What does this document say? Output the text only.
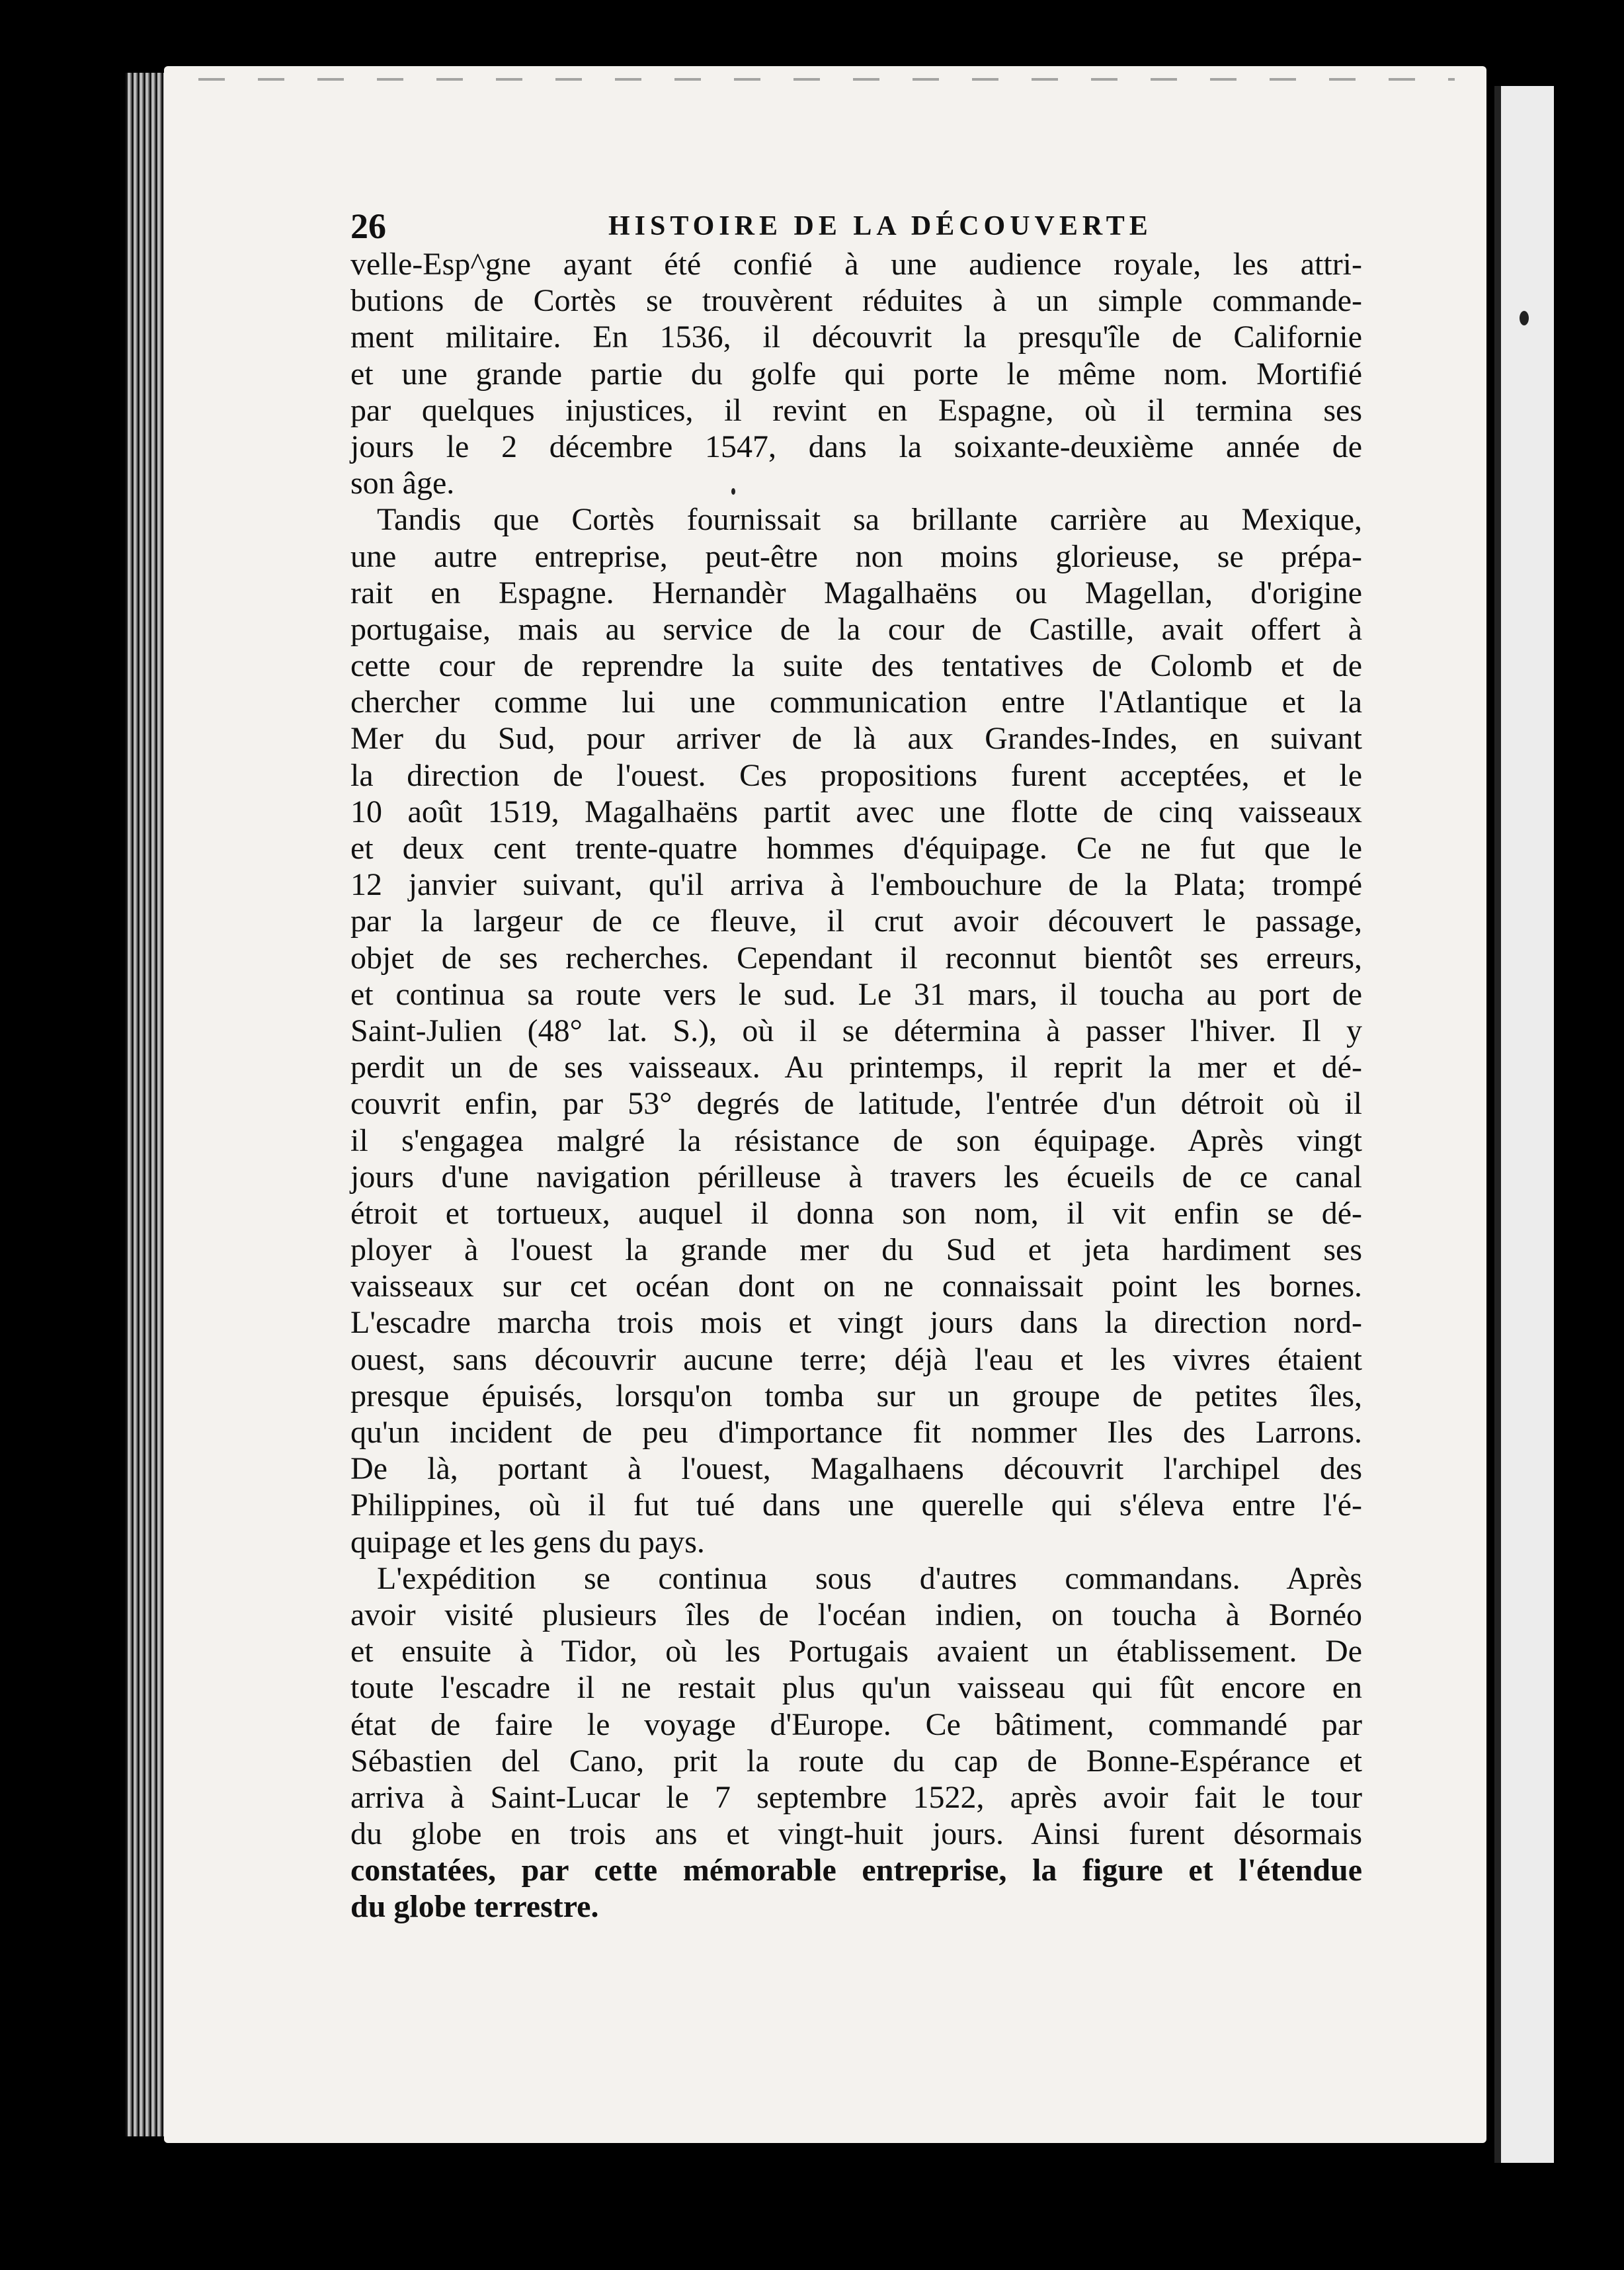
26	HISTOIRE DE LA DÉCOUVERTE
velle-Esp^gne ayant été confié à une audience royale, les attri-
butions de Cortès se trouvèrent réduites à un simple commande-
ment militaire. En 1536, il découvrit la presqu'île de Californie
et une grande partie du golfe qui porte le même nom. Mortifié
par quelques injustices, il revint en Espagne, où il termina ses
jours le 2 décembre 1547, dans la soixante-deuxième année de
son âge.
Tandis que Cortès fournissait sa brillante carrière au Mexique,
une autre entreprise, peut-être non moins glorieuse, se prépa-
rait en Espagne. Hernandèr Magalhaëns ou Magellan, d'origine
portugaise, mais au service de la cour de Castille, avait offert à
cette cour de reprendre la suite des tentatives de Colomb et de
chercher comme lui une communication entre l'Atlantique et la
Mer du Sud, pour arriver de là aux Grandes-Indes, en suivant
la direction de l'ouest. Ces propositions furent acceptées, et le
10 août 1519, Magalhaëns partit avec une flotte de cinq vaisseaux
et deux cent trente-quatre hommes d'équipage. Ce ne fut que le
12 janvier suivant, qu'il arriva à l'embouchure de la Plata; trompé
par la largeur de ce fleuve, il crut avoir découvert le passage,
objet de ses recherches. Cependant il reconnut bientôt ses erreurs,
et continua sa route vers le sud. Le 31 mars, il toucha au port de
Saint-Julien (48° lat. S.), où il se détermina à passer l'hiver. Il y
perdit un de ses vaisseaux. Au printemps, il reprit la mer et dé-
couvrit enfin, par 53° degrés de latitude, l'entrée d'un détroit où il
il s'engagea malgré la résistance de son équipage. Après vingt
jours d'une navigation périlleuse à travers les écueils de ce canal
étroit et tortueux, auquel il donna son nom, il vit enfin se dé-
ployer à l'ouest la grande mer du Sud et jeta hardiment ses
vaisseaux sur cet océan dont on ne connaissait point les bornes.
L'escadre marcha trois mois et vingt jours dans la direction nord-
ouest, sans découvrir aucune terre; déjà l'eau et les vivres étaient
presque épuisés, lorsqu'on tomba sur un groupe de petites îles,
qu'un incident de peu d'importance fit nommer Iles des Larrons.
De là, portant à l'ouest, Magalhaens découvrit l'archipel des
Philippines, où il fut tué dans une querelle qui s'éleva entre l'é-
quipage et les gens du pays.
L'expédition se continua sous d'autres commandans. Après
avoir visité plusieurs îles de l'océan indien, on toucha à Bornéo
et ensuite à Tidor, où les Portugais avaient un établissement. De
toute l'escadre il ne restait plus qu'un vaisseau qui fût encore en
état de faire le voyage d'Europe. Ce bâtiment, commandé par
Sébastien del Cano, prit la route du cap de Bonne-Espérance et
arriva à Saint-Lucar le 7 septembre 1522, après avoir fait le tour
du globe en trois ans et vingt-huit jours. Ainsi furent désormais
constatées, par cette mémorable entreprise, la figure et l'étendue
du globe terrestre.
